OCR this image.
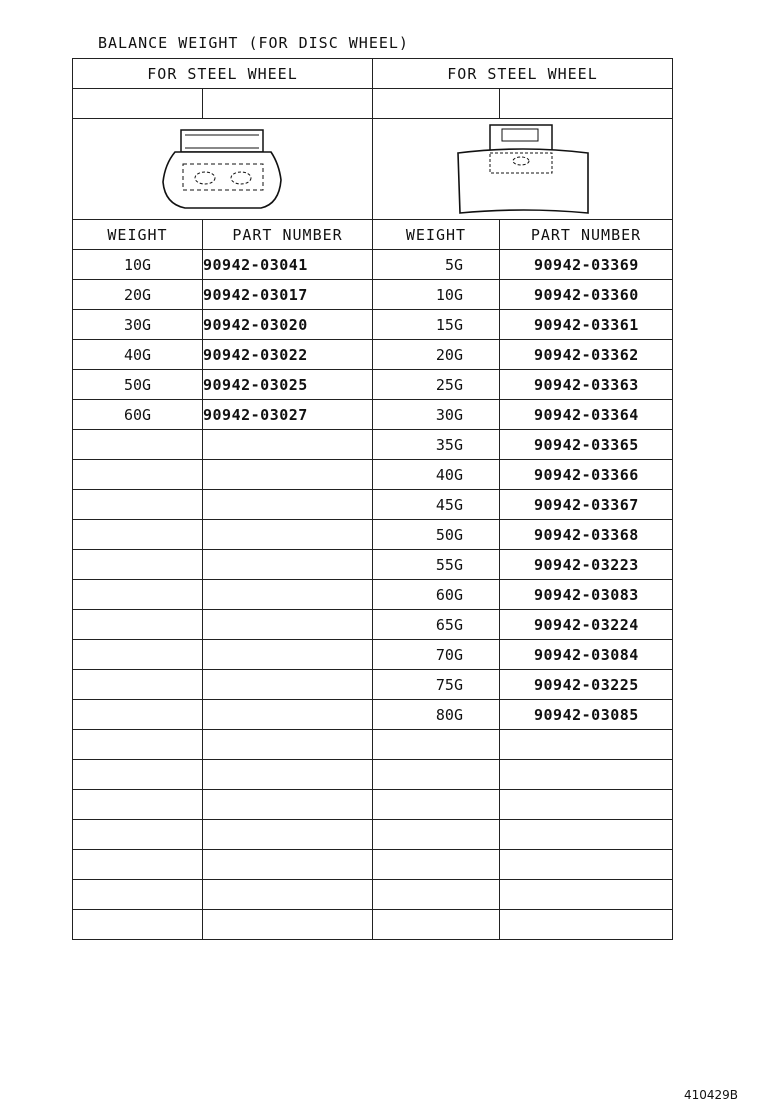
BALANCE WEIGHT (FOR DISC WHEEL)
FOR STEEL WHEEL		FOR STEEL WHEEL	

WEIGHT	PART NUMBER	WEIGHT	PART NUMBER
10G	90942-03041	5G	90942-03369
20G	90942-03017	10G	90942-03360
30G	90942-03020	15G	90942-03361
40G	90942-03022	20G	90942-03362
50G	90942-03025	25G	90942-03363
60G	90942-03027	30G	90942-03364
		35G	90942-03365
		40G	90942-03366
		45G	90942-03367
		50G	90942-03368
		55G	90942-03223
		60G	90942-03083
		65G	90942-03224
		70G	90942-03084
		75G	90942-03225
		80G	90942-03085

410429B
